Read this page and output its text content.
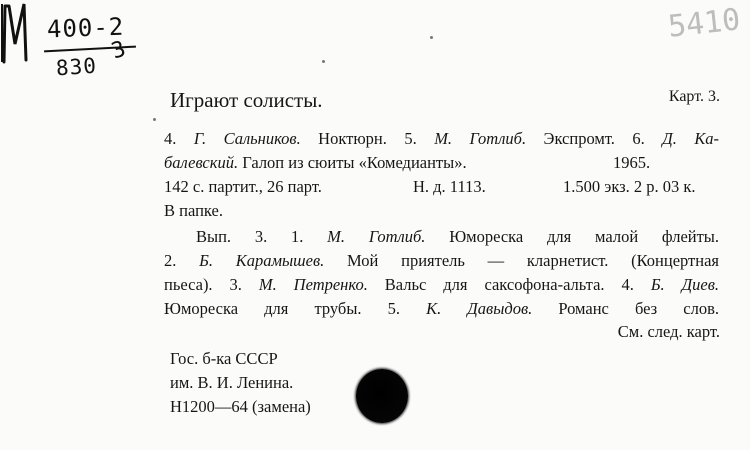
400-2
830
3
5410
Карт. 3.
Играют солисты.
4. Г. Сальников. Ноктюрн. 5. М. Готлиб. Экспромт. 6. Д. Ка-
балевский. Галоп из сюиты «Комедианты».	1965.
142 с. партит., 26 парт.	Н. д. 1113.	1.500 экз. 2 р. 03 к.
В папке.
Вып. 3. 1. М. Готлиб. Юмореска для малой флейты.
2. Б. Карамышев. Мой приятель — кларнетист. (Концертная
пьеса). 3. М. Петренко. Вальс для саксофона-альта. 4. Б. Диев.
Юмореска для трубы. 5. К. Давыдов. Романс без слов.
См. след. карт.
Гос. б-ка СССР
им. В. И. Ленина.
Н1200—64 (замена)
